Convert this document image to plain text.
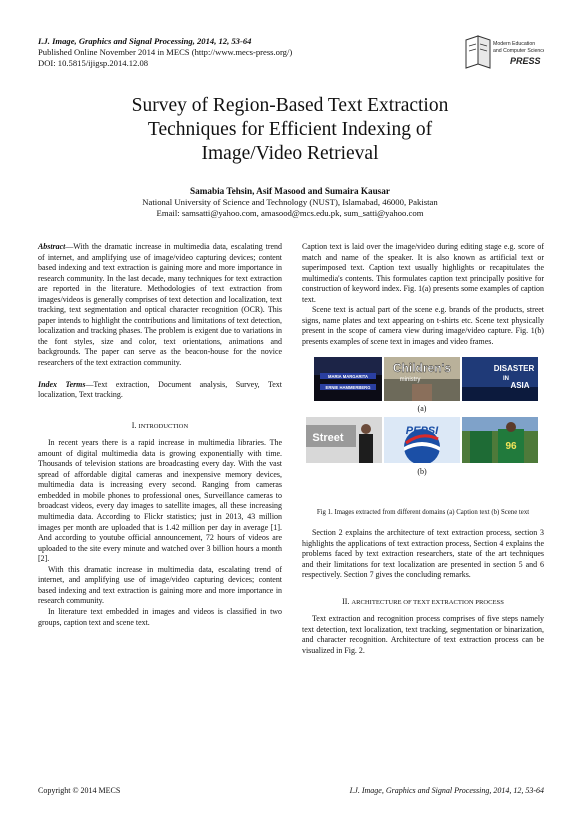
I.J. Image, Graphics and Signal Processing, 2014, 12, 53-64
Published Online November 2014 in MECS (http://www.mecs-press.org/)
DOI: 10.5815/ijigsp.2014.12.08
Modern Education
and Computer Science
PRESS
Survey of Region-Based Text Extraction
Techniques for Efficient Indexing of
Image/Video Retrieval
Samabia Tehsin, Asif Masood and Sumaira Kausar
National University of Science and Technology (NUST), Islamabad, 46000, Pakistan
Email: samsatti@yahoo.com, amasood@mcs.edu.pk, sum_satti@yahoo.com

Abstract—With the dramatic increase in multimedia data, escalating trend of internet, and amplifying use of image/video capturing devices; content based indexing and text extraction is gaining more and more importance in research community. In the last decade, many techniques for text extraction are reported in the literature. Methodologies of text extraction from images/videos is generally comprises of text detection and localization, text tracking, text segmentation and optical character recognition (OCR). This paper intends to highlight the contributions and limitations of text detection, localization and tracking phases. The problem is exigent due to variations in the font styles, size and color, text orientations, animations and backgrounds. The paper can serve as the beacon-house for the novice researchers of the text extraction community.

Index Terms—Text extraction, Document analysis, Survey, Text localization, Text tracking.

I. INTRODUCTION

In recent years there is a rapid increase in multimedia libraries. The amount of digital multimedia data is growing exponentially with time. Thousands of television stations are broadcasting every day. With the vast spread of affordable digital cameras and inexpensive memory devices, multimedia data is increasing every second. Ranging from cameras embedded in mobile phones to professional ones, Surveillance cameras to broadcast videos, every day images to satellite images, all these increasing multimedia data. According to Flickr statistics; just in 2013, 43 million images per month are uploaded that is 1.42 million per day in average [1]. And according to youtube official announcement, 72 hours of videos are uploaded to the site every minute and watched over 3 billion hours a month [2].

With this dramatic increase in multimedia data, escalating trend of internet, and amplifying use of image/video capturing devices; content based indexing and text extraction is gaining more and more importance in research community.

In literature text embedded in images and videos is classified in two groups, caption text and scene text.

Caption text is laid over the image/video during editing stage e.g. score of match and name of the speaker. It is also known as artificial text or superimposed text. Caption text usually highlights or recapitulates the multimedia's contents. This formulates caption text principally positive for construction of keyword index. Fig. 1(a) presents some examples of caption text.

Scene text is actual part of the scene e.g. brands of the products, street signs, name plates and text appearing on t-shirts etc. Scene text physically present in the scope of camera view during image/video capture. Fig. 1(b) presents examples of scene text in images and video frames.

MARIA MARGARITA
ERNIE HAMMERBERG
Children's
ministry
DISASTER
IN
ASIA
(a)
Street
PEPSI
96
(b)

Fig 1. Images extracted from different domains (a) Caption text (b) Scene text

Section 2 explains the architecture of text extraction process, section 3 highlights the applications of text extraction process, Section 4 explains the problems faced by text extraction researchers, state of the art techniques and their limitations for text localization are presented in section 5 and 6 respectively. Section 7 gives the concluding remarks.

II. ARCHITECTURE OF TEXT EXTRACTION PROCESS

Text extraction and recognition process comprises of five steps namely text detection, text localization, text tracking, segmentation or binarization, and character recognition. Architecture of text extraction process can be visualized in Fig. 2.

Copyright © 2014 MECS	I.J. Image, Graphics and Signal Processing, 2014, 12, 53-64
